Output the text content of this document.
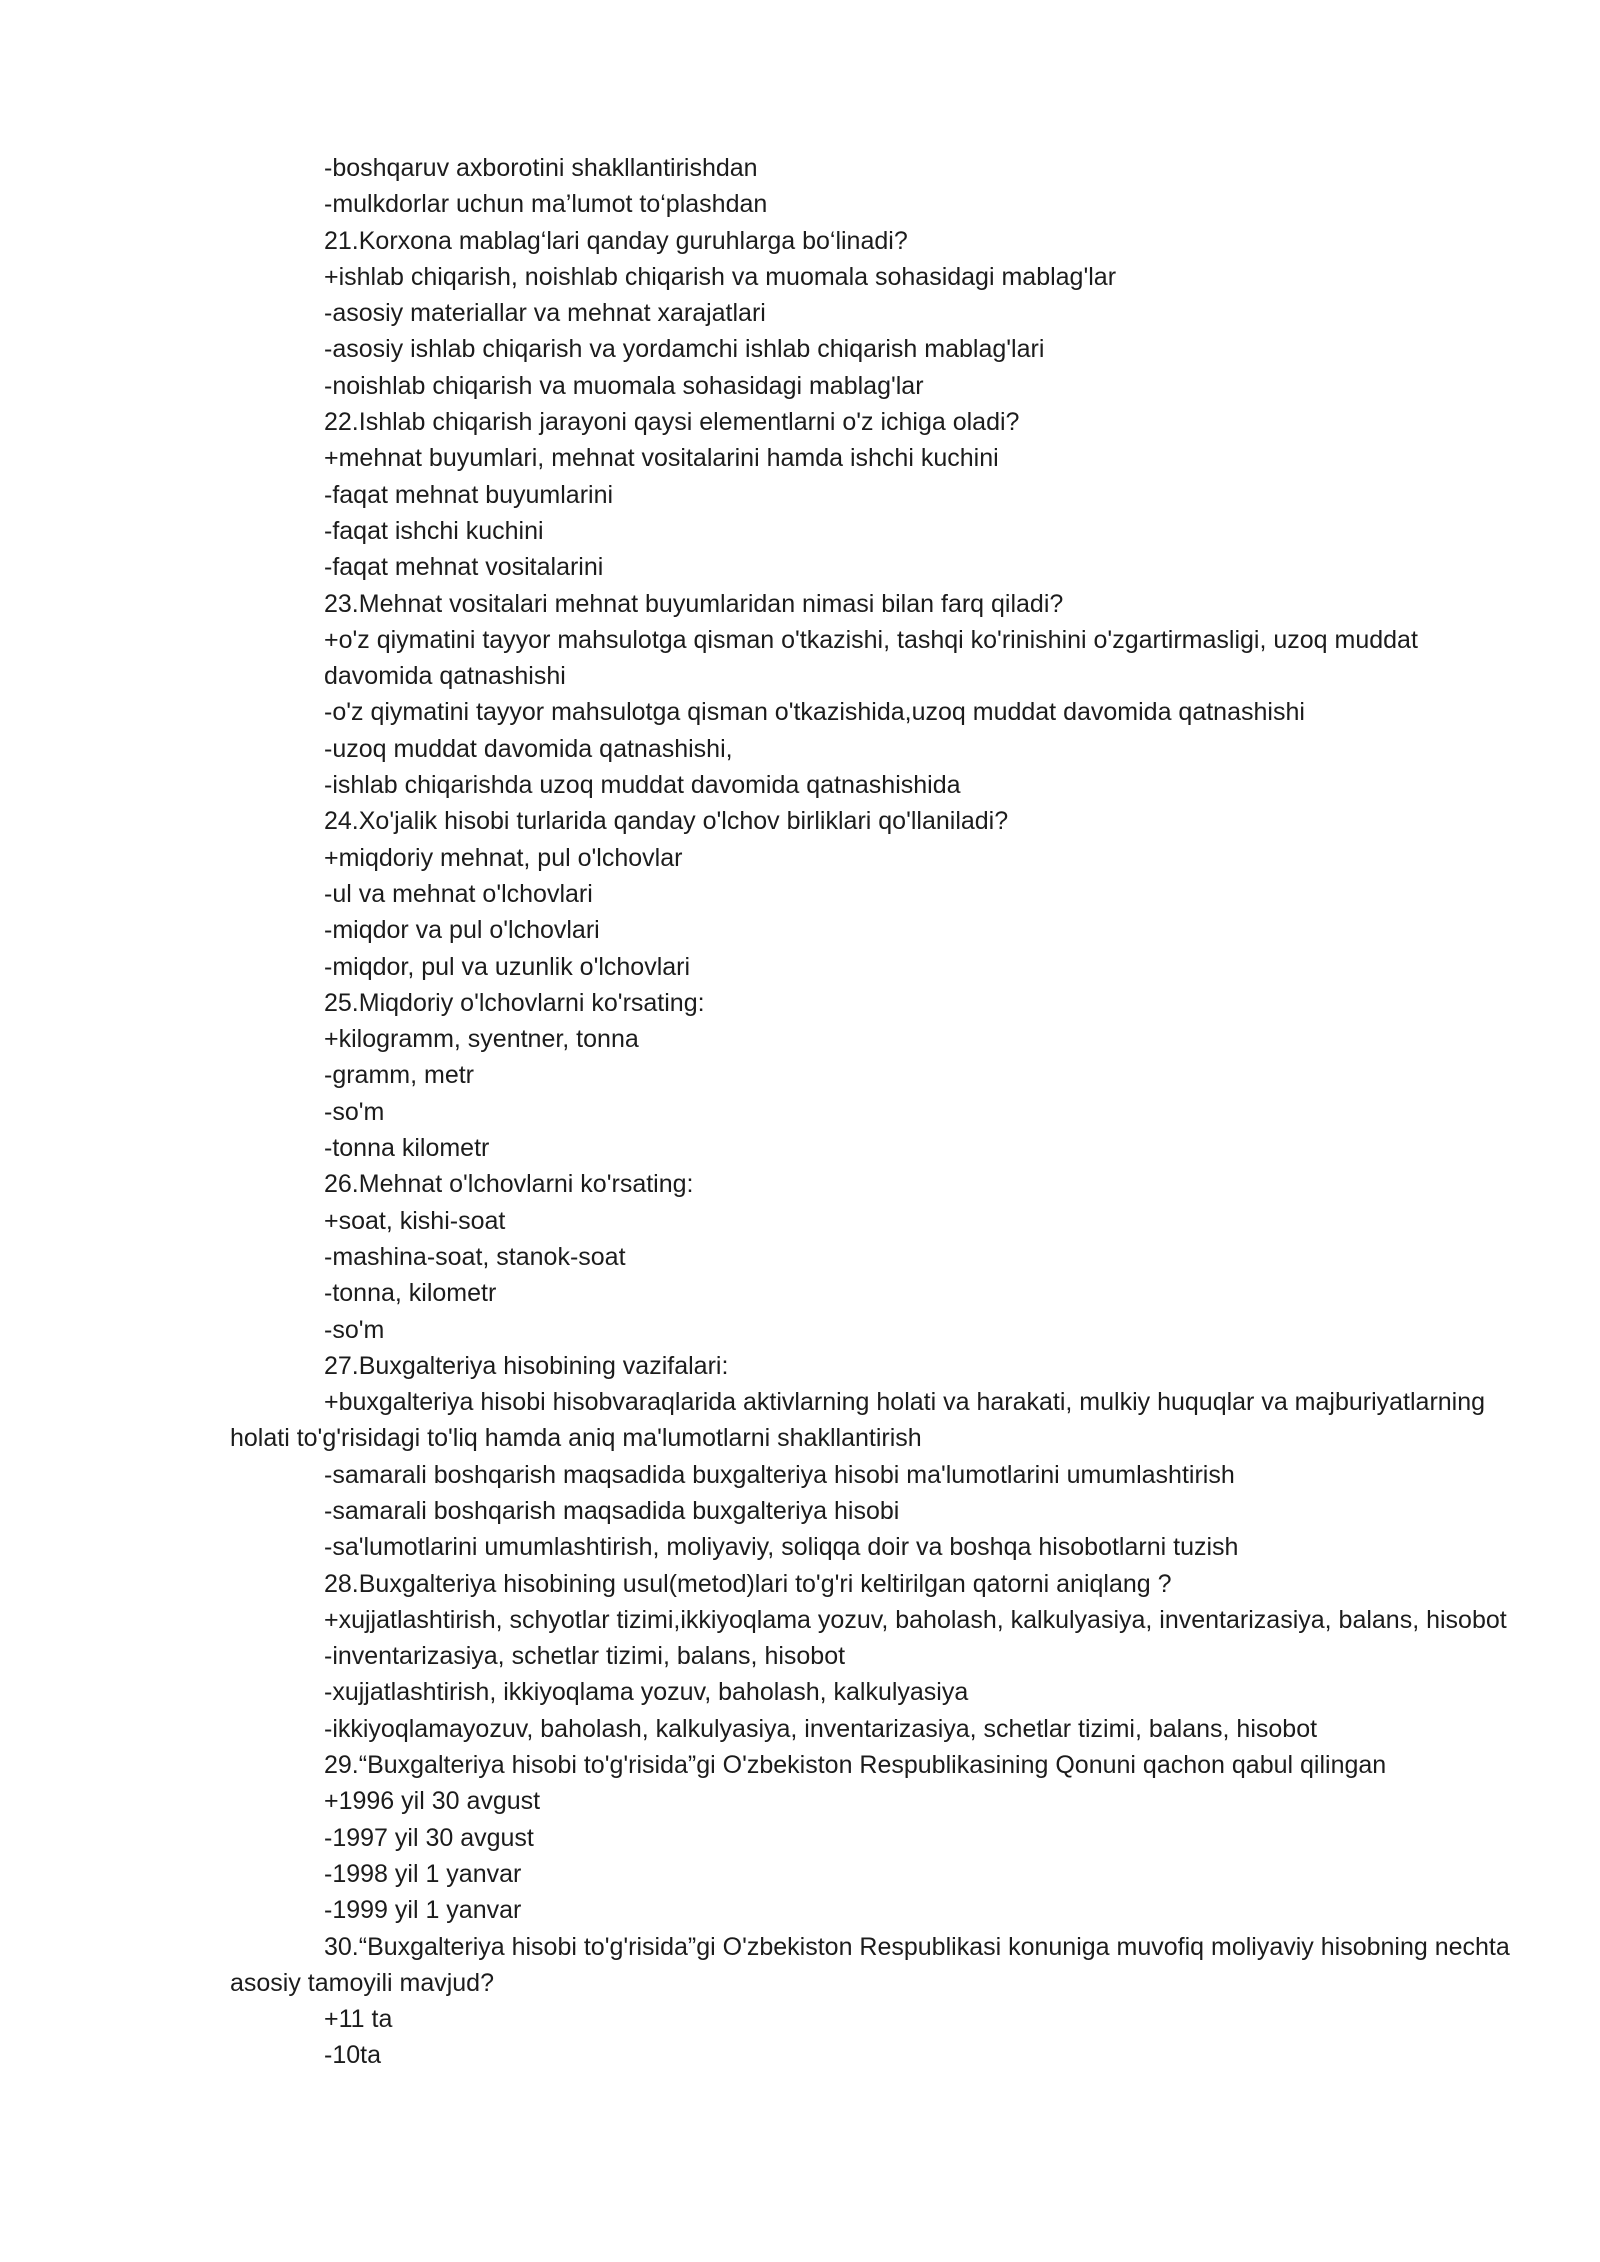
-boshqaruv axborotini shakllantirishdan

-mulkdorlar uchun ma’lumot to‘plashdan

21.Korxona mablag‘lari qanday guruhlarga bo‘linadi?

+ishlab chiqarish, noishlab chiqarish va muomala sohasidagi mablag'lar

-asosiy materiallar va mehnat xarajatlari

-asosiy ishlab chiqarish va yordamchi ishlab chiqarish mablag'lari

-noishlab chiqarish va muomala sohasidagi mablag'lar

22.Ishlab chiqarish jarayoni qaysi elementlarni o'z ichiga oladi?

+mehnat buyumlari, mehnat vositalarini hamda ishchi kuchini

-faqat mehnat buyumlarini

-faqat ishchi kuchini

-faqat mehnat vositalarini

23.Mehnat vositalari mehnat buyumlaridan nimasi bilan farq qiladi?

+o'z qiymatini tayyor mahsulotga qisman o'tkazishi, tashqi ko'rinishini o'zgartirmasligi, uzoq muddat davomida qatnashishi

-o'z qiymatini tayyor mahsulotga qisman o'tkazishida,uzoq muddat davomida qatnashishi

-uzoq muddat davomida qatnashishi,

-ishlab chiqarishda uzoq muddat davomida qatnashishida

24.Xo'jalik hisobi turlarida qanday o'lchov birliklari qo'llaniladi?

+miqdoriy mehnat, pul o'lchovlar

-ul va mehnat o'lchovlari

-miqdor va pul o'lchovlari

-miqdor, pul va uzunlik o'lchovlari

25.Miqdoriy o'lchovlarni ko'rsating:

+kilogramm, syentner, tonna

-gramm, metr

-so'm

-tonna kilometr

26.Mehnat o'lchovlarni ko'rsating:

+soat, kishi-soat

-mashina-soat, stanok-soat

-tonna, kilometr

-so'm

27.Buxgalteriya hisobining vazifalari:

+buxgalteriya hisobi hisobvaraqlarida aktivlarning holati va harakati, mulkiy huquqlar va majburiyatlarning holati to'g'risidagi to'liq hamda aniq ma'lumotlarni shakllantirish

-samarali boshqarish maqsadida buxgalteriya hisobi ma'lumotlarini umumlashtirish

-samarali boshqarish maqsadida buxgalteriya hisobi

-sa'lumotlarini umumlashtirish, moliyaviy, soliqqa doir va boshqa hisobotlarni tuzish

28.Buxgalteriya hisobining usul(metod)lari to'g'ri keltirilgan qatorni aniqlang ?

+xujjatlashtirish, schyotlar tizimi,ikkiyoqlama yozuv, baholash, kalkulyasiya, inventarizasiya, balans, hisobot

-inventarizasiya, schetlar tizimi, balans, hisobot

-xujjatlashtirish, ikkiyoqlama yozuv, baholash, kalkulyasiya

-ikkiyoqlamayozuv, baholash, kalkulyasiya, inventarizasiya, schetlar tizimi, balans, hisobot

29.“Buxgalteriya hisobi to'g'risida”gi O'zbekiston Respublikasining Qonuni qachon qabul qilingan

+1996 yil 30 avgust

-1997 yil 30 avgust

-1998 yil 1 yanvar

-1999 yil 1 yanvar

30.“Buxgalteriya hisobi to'g'risida”gi O'zbekiston Respublikasi konuniga muvofiq moliyaviy hisobning nechta asosiy tamoyili mavjud?

+11 ta

-10ta
